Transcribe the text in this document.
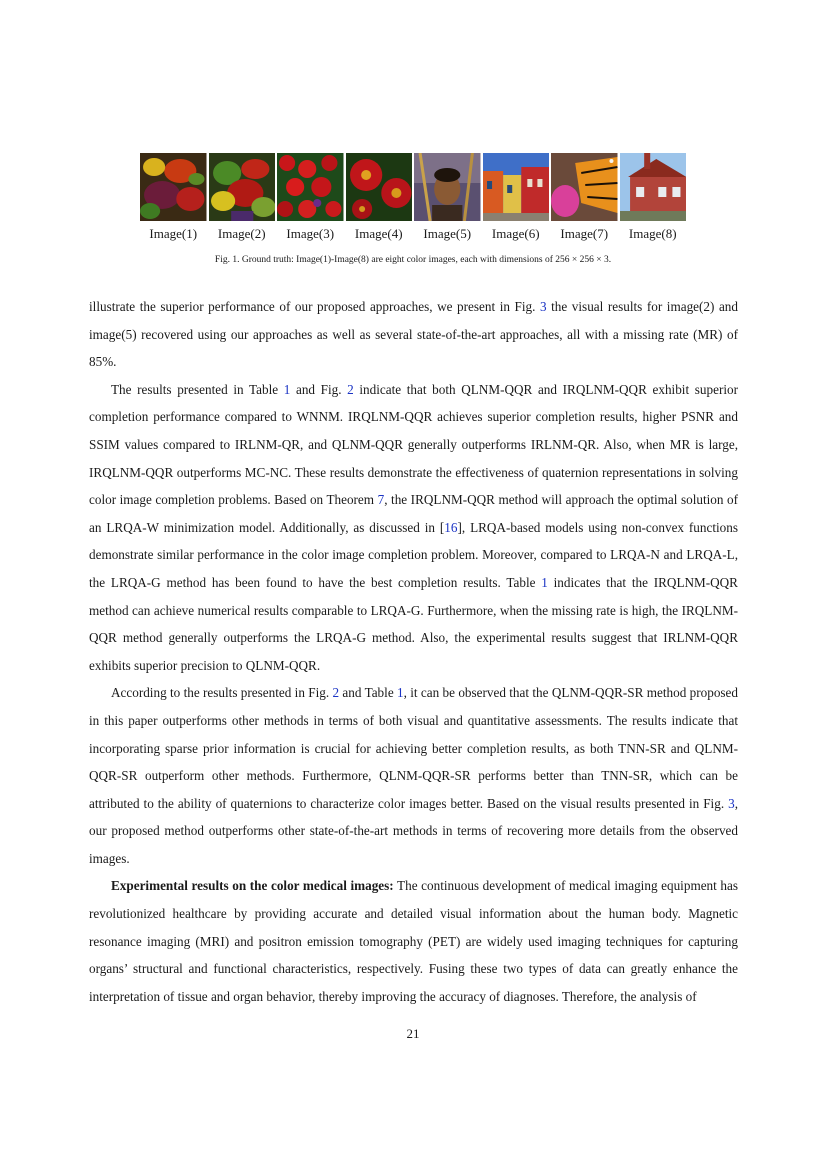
Image(1)	Image(2)	Image(3)	Image(4)	Image(5)	Image(6)	Image(7)	Image(8)
Fig. 1. Ground truth: Image(1)-Image(8) are eight color images, each with dimensions of 256 × 256 × 3.

illustrate the superior performance of our proposed approaches, we present in Fig. 3 the visual results for image(2) and image(5) recovered using our approaches as well as several state-of-the-art approaches, all with a missing rate (MR) of 85%.

The results presented in Table 1 and Fig. 2 indicate that both QLNM-QQR and IRQLNM-QQR exhibit superior completion performance compared to WNNM. IRQLNM-QQR achieves superior completion results, higher PSNR and SSIM values compared to IRLNM-QR, and QLNM-QQR generally outperforms IRLNM-QR. Also, when MR is large, IRQLNM-QQR outperforms MC-NC. These results demonstrate the effectiveness of quaternion representations in solving color image completion problems. Based on Theorem 7, the IRQLNM-QQR method will approach the optimal solution of an LRQA-W minimization model. Additionally, as discussed in [16], LRQA-based models using non-convex functions demonstrate similar performance in the color image completion problem. Moreover, compared to LRQA-N and LRQA-L, the LRQA-G method has been found to have the best completion results. Table 1 indicates that the IRQLNM-QQR method can achieve numerical results comparable to LRQA-G. Furthermore, when the missing rate is high, the IRQLNM-QQR method generally outperforms the LRQA-G method. Also, the experimental results suggest that IRLNM-QQR exhibits superior precision to QLNM-QQR.

According to the results presented in Fig. 2 and Table 1, it can be observed that the QLNM-QQR-SR method proposed in this paper outperforms other methods in terms of both visual and quantitative assessments. The results indicate that incorporating sparse prior information is crucial for achieving better completion results, as both TNN-SR and QLNM-QQR-SR outperform other methods. Furthermore, QLNM-QQR-SR performs better than TNN-SR, which can be attributed to the ability of quaternions to characterize color images better. Based on the visual results presented in Fig. 3, our proposed method outperforms other state-of-the-art methods in terms of recovering more details from the observed images.

Experimental results on the color medical images: The continuous development of medical imaging equipment has revolutionized healthcare by providing accurate and detailed visual information about the human body. Magnetic resonance imaging (MRI) and positron emission tomography (PET) are widely used imaging techniques for capturing organs’ structural and functional characteristics, respectively. Fusing these two types of data can greatly enhance the interpretation of tissue and organ behavior, thereby improving the accuracy of diagnoses. Therefore, the analysis of

21
